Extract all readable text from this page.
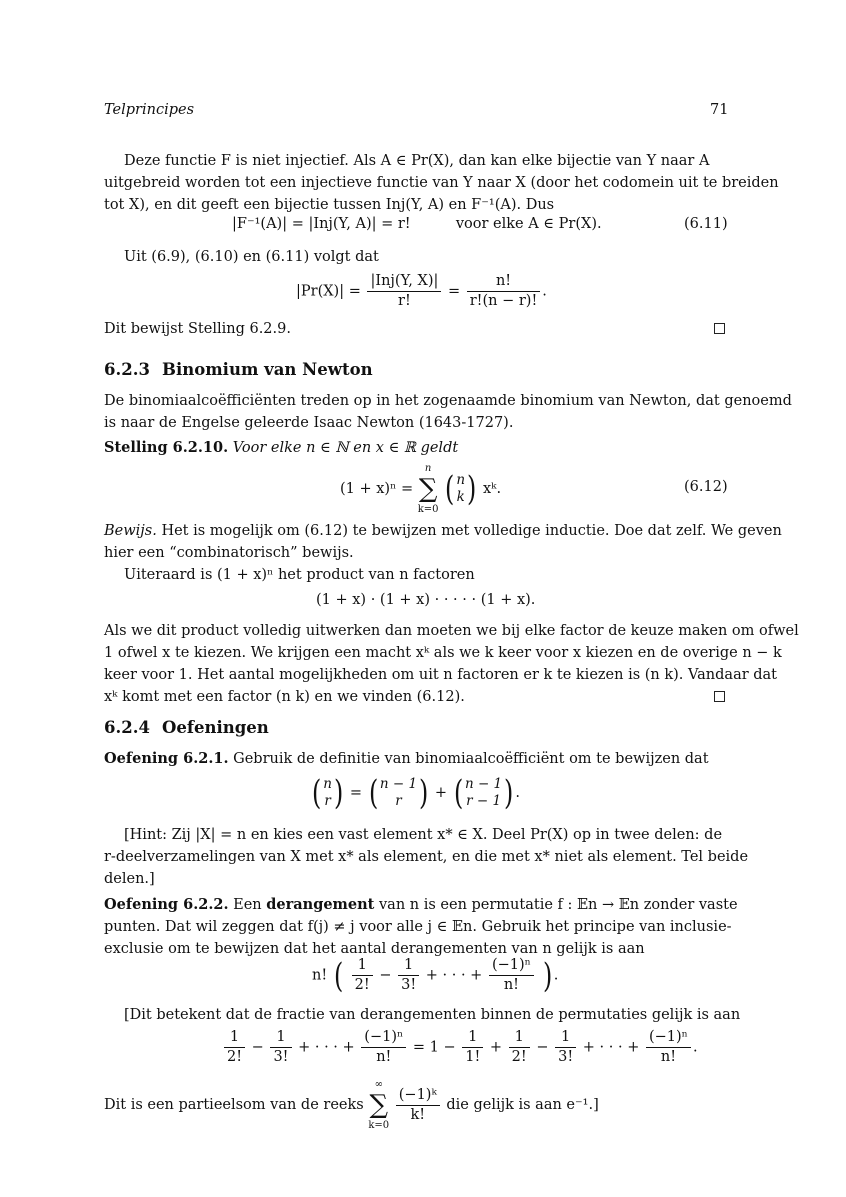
Telprincipes	71
Deze functie F is niet injectief. Als A ∈ Pr(X), dan kan elke bijectie van Y naar A
uitgebreid worden tot een injectieve functie van Y naar X (door het codomein uit te breiden
tot X), en dit geeft een bijectie tussen Inj(Y, A) en F⁻¹(A). Dus
|F⁻¹(A)| = |Inj(Y, A)| = r!	voor elke A ∈ Pr(X).	(6.11)
Uit (6.9), (6.10) en (6.11) volgt dat
$|Pr(X)| = \frac{\text{|Inj(Y, X)|}}{r!} = \frac{n!}{r!(n - r)!}$ .
Dit bewijst Stelling 6.2.9.
6.2.3 Binomium van Newton
De binomiaalcoëfficiënten treden op in het zogenaamde binomium van Newton, dat genoemd
is naar de Engelse geleerde Isaac Newton (1643-1727).
Stelling 6.2.10. Voor elke n ∈ ℕ en x ∈ ℝ geldt
(1 + x)ⁿ = n
∑
k=0 ( n
k ) xᵏ.	(6.12)
Bewijs. Het is mogelijk om (6.12) te bewijzen met volledige inductie. Doe dat zelf. We geven
hier een “combinatorisch” bewijs.
Uiteraard is (1 + x)ⁿ het product van n factoren
(1 + x) · (1 + x) · · · · · (1 + x).
Als we dit product volledig uitwerken dan moeten we bij elke factor de keuze maken om ofwel
1 ofwel x te kiezen. We krijgen een macht xᵏ als we k keer voor x kiezen en de overige n − k
keer voor 1. Het aantal mogelijkheden om uit n factoren er k te kiezen is (n k). Vandaar dat
xᵏ komt met een factor (n k) en we vinden (6.12).
6.2.4 Oefeningen
Oefening 6.2.1. Gebruik de definitie van binomiaalcoëfficiënt om te bewijzen dat
( n
r ) = ( n − 1
r ) + ( n − 1
r − 1 ) .
[Hint: Zij |X| = n en kies een vast element x* ∈ X. Deel Pr(X) op in twee delen: de
r-deelverzamelingen van X met x* als element, en die met x* niet als element. Tel beide
delen.]
Oefening 6.2.2. Een derangement van n is een permutatie f : 𝔼n → 𝔼n zonder vaste
punten. Dat wil zeggen dat f(j) ≠ j voor alle j ∈ 𝔼n. Gebruik het principe van inclusie-
exclusie om te bewijzen dat het aantal derangementen van n gelijk is aan
n! ( $\frac{1}{2!} - \frac{1}{3!}$ + · · · + $\frac{\text{(−1)ⁿ}}{n!}$ ) .
[Dit betekent dat de fractie van derangementen binnen de permutaties gelijk is aan
$\frac{1}{2!} - \frac{1}{3!}$ + · · · + $\frac{\text{(−1)ⁿ}}{n!} = 1 - \frac{1}{1!} + \frac{1}{2!} - \frac{1}{3!}$ + · · · + $\frac{\text{(−1)ⁿ}}{n!}$ .
Dit is een partieelsom van de reeks ∞
∑
k=0
$\frac{\text{(−1)ᵏ}}{k!}$ die gelijk is aan e⁻¹.]
